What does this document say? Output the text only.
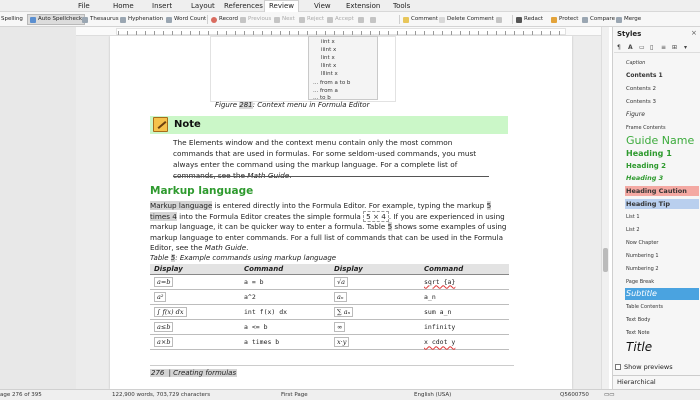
File	Home	Insert	Layout References Review	View Extension Tools
Spelling	Auto Spellcheck Thesaurus Hyphenation Word Count Record Previous Next Reject Accept	Comment Delete Comment	Redact	Protect Compare Merge
iint x
iiint x
lint x
llint x
lllint x
... from a to b
... from a
... to b
Figure 281: Context menu in Formula Editor
Note
The Elements window and the context menu contain only the most common commands that are used in formulas. For some seldom-used commands, you must always enter the command using the markup language. For a complete list of
Markup language
Markup language is entered directly into the Formula Editor. For example, typing the markup 5 times 4 into the Formula Editor creates the simple formula 5 × 4 . If you are experienced in using markup language, it can be quicker way to enter a formula. Table 5 shows some examples of using markup language to enter commands. For a full list of commands that can be used in the Formula Editor, see the Math Guide.
Table 5: Example commands using markup language
Display	Command	Display	Command
a=b	a = b	√a	sqrt {a}
a²	a^2	aₙ	a_n
∫ f(x) dx	int f(x) dx	∑ aₙ	sum a_n
a≤b	a <= b	∞	infinity
a×b	a times b	x·y	x cdot y
276 | Creating formulas
Styles	×
¶ A ▭ ▯ ≡ ⊞ ▾
Caption
Contents 1
Contents 2
Contents 3
Figure
Frame Contents
Guide Name
Heading 1
Heading 2
Heading 3
Heading Caution
Heading Tip
List 1
List 2
Now Chapter
Numbering 1
Numbering 2
Page Break
Subtitle
Table Contents
Text Body
Text Note
Title
Show previews
Hierarchical
age 276 of 395	122,900 words, 703,729 characters	First Page	English (USA)	Q5600750	▭▭
